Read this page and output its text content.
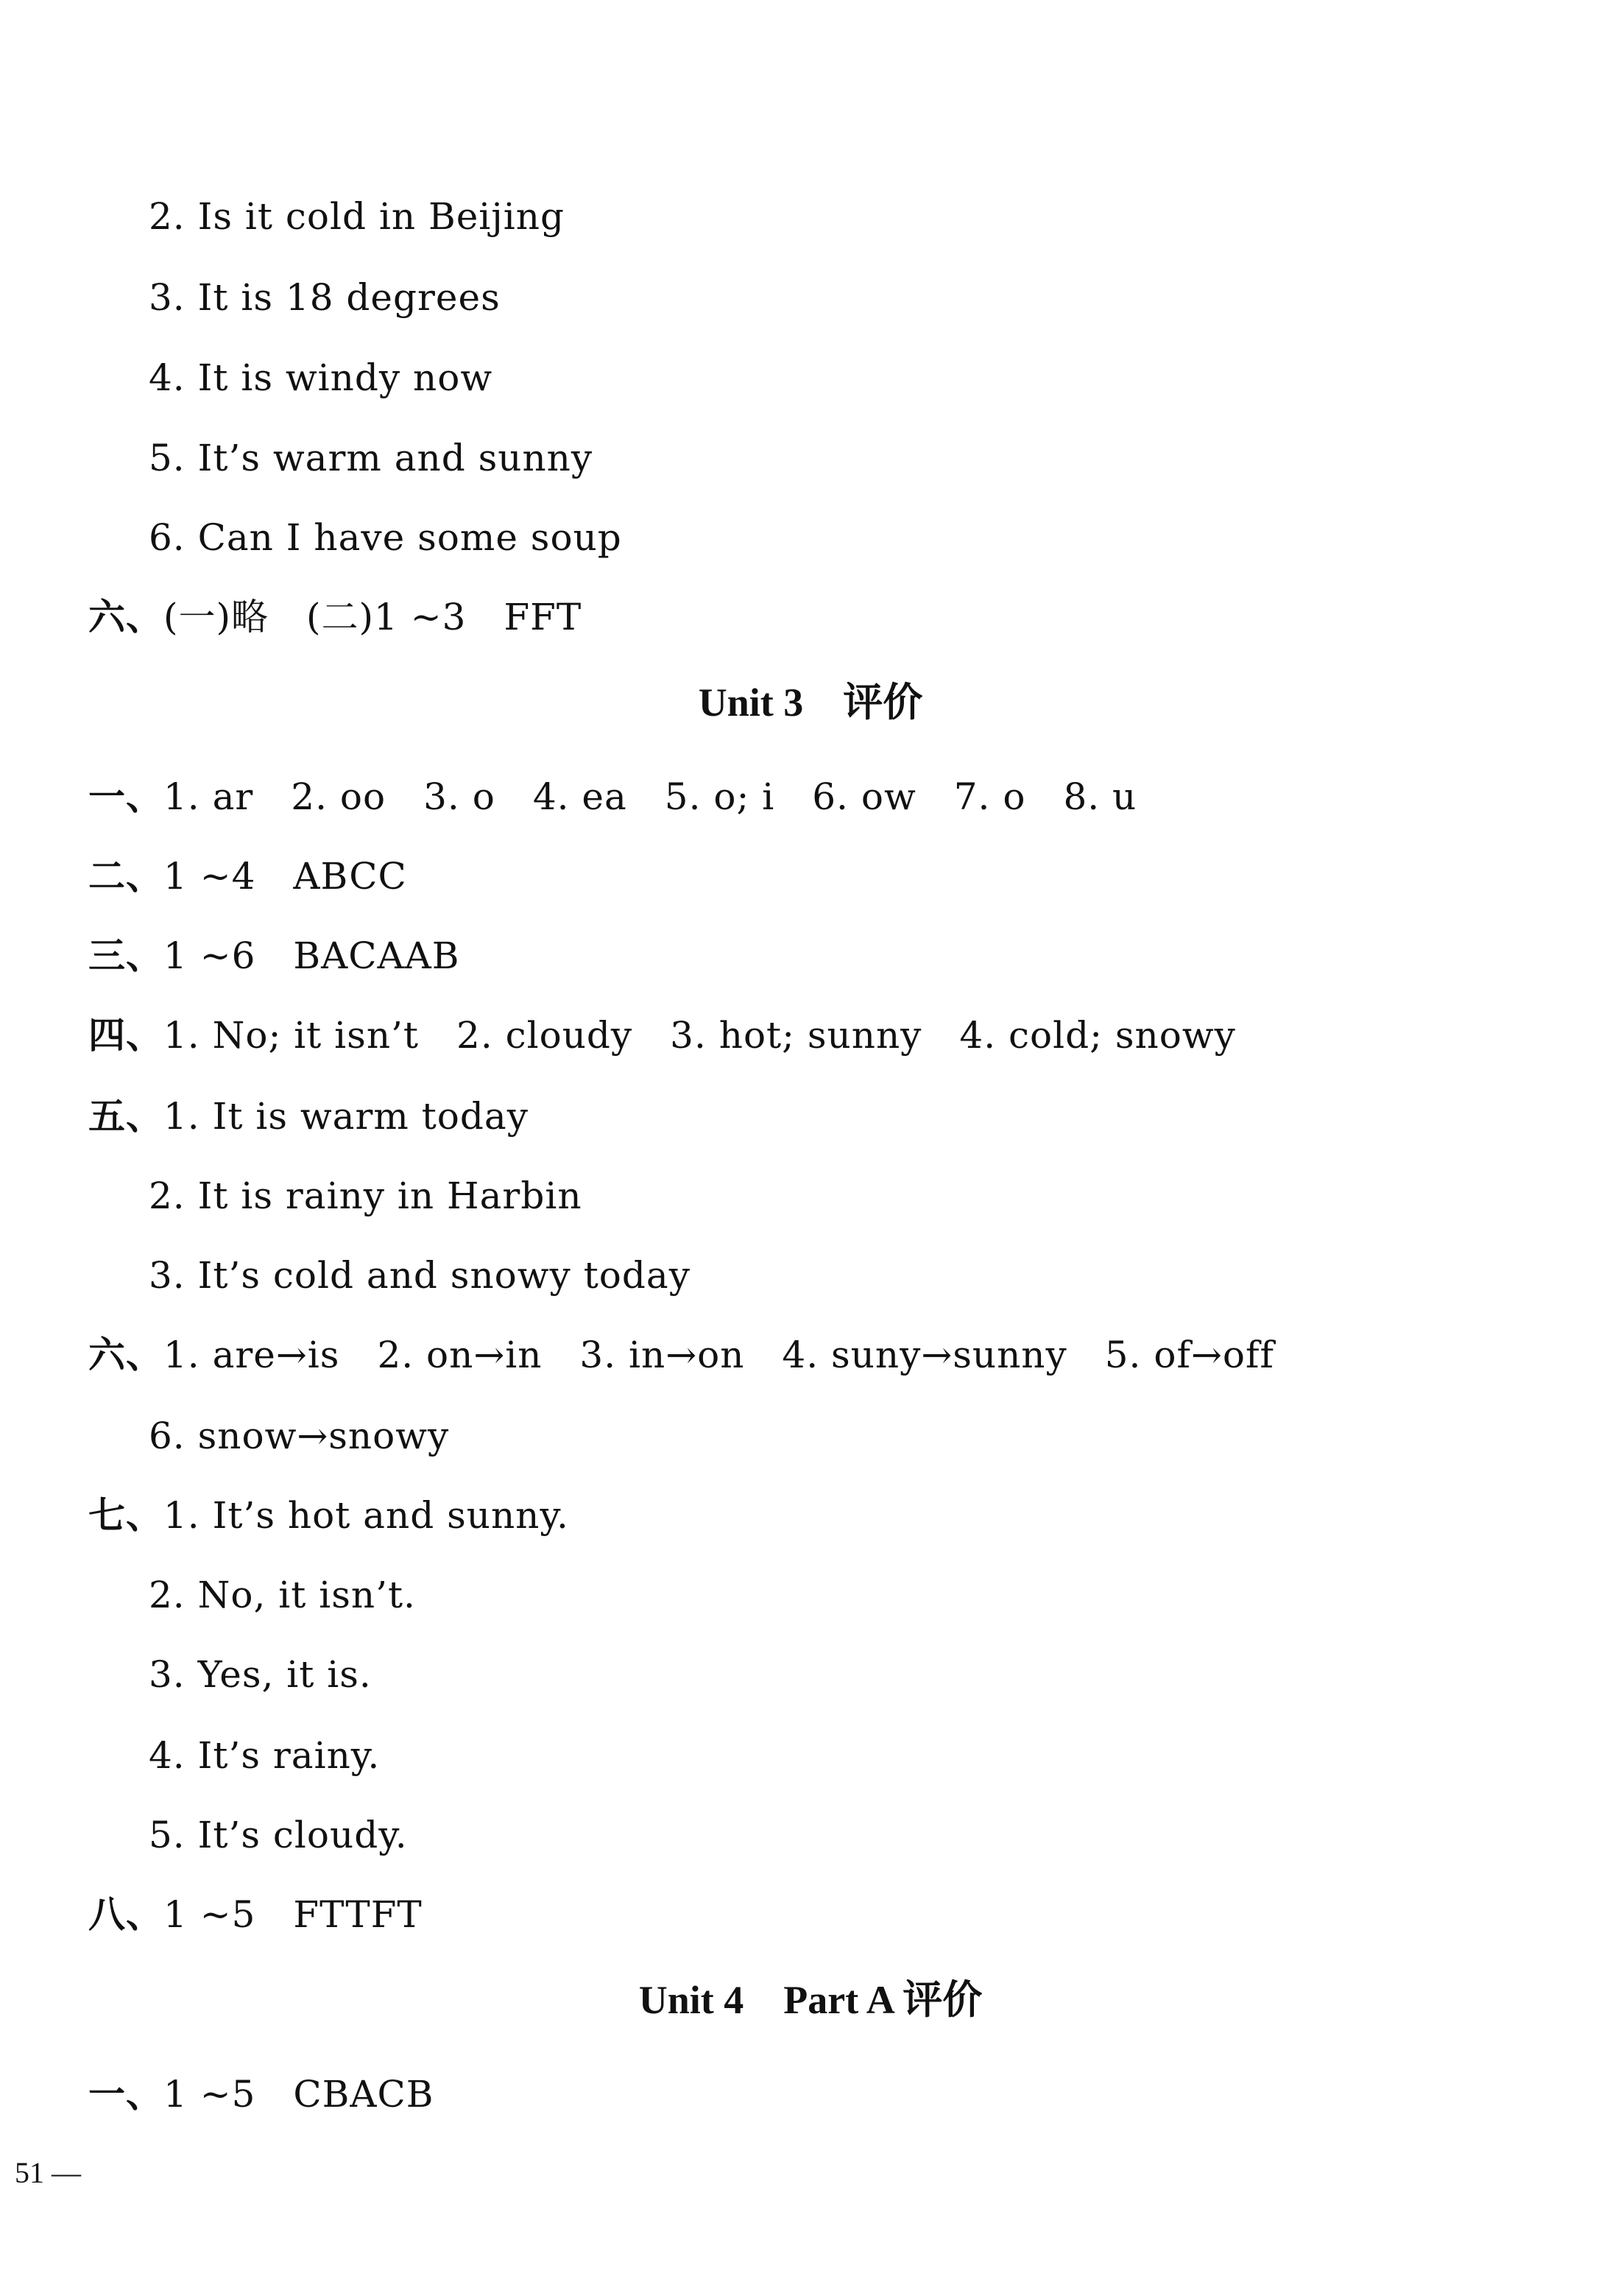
2. Is it cold in Beijing
3. It is 18 degrees
4. It is windy now
5. It’s warm and sunny
6. Can I have some soup
六、(一)略　(二)1 ~3　FFT
Unit 3　评价
一、1. ar　2. oo　3. o　4. ea　5. o; i　6. ow　7. o　8. u
二、1 ~4　ABCC
三、1 ~6　BACAAB
四、1. No; it isn’t　2. cloudy　3. hot; sunny　4. cold; snowy
五、1. It is warm today
2. It is rainy in Harbin
3. It’s cold and snowy today
六、1. are→is　2. on→in　3. in→on　4. suny→sunny　5. of→off
6. snow→snowy
七、1. It’s hot and sunny.
2. No, it isn’t.
3. Yes, it is.
4. It’s rainy.
5. It’s cloudy.
八、1 ~5　FTTFT
Unit 4　Part A 评价
一、1 ~5　CBACB
51 —
